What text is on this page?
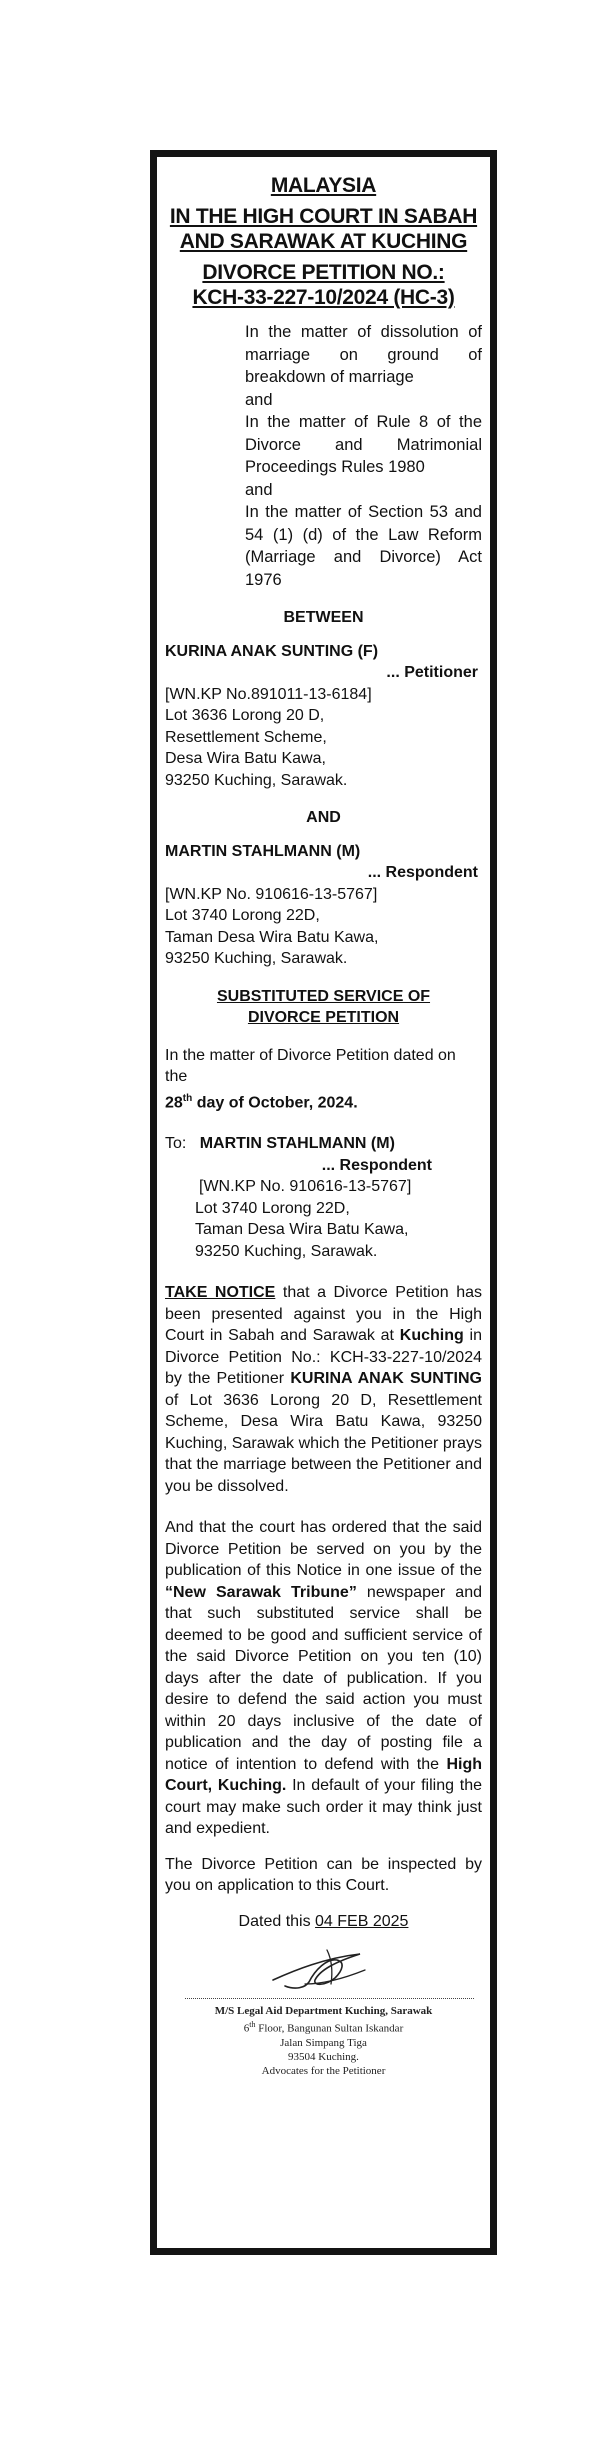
MALAYSIA
IN THE HIGH COURT IN SABAH
AND SARAWAK AT KUCHING
DIVORCE PETITION NO.:
KCH-33-227-10/2024 (HC-3)

In the matter of dissolution of marriage on ground of breakdown of marriage

and

In the matter of Rule 8 of the Divorce and Matrimonial Proceedings Rules 1980

and

In the matter of Section 53 and 54 (1) (d) of the Law Reform (Marriage and Divorce) Act 1976

BETWEEN

KURINA ANAK SUNTING (F)

... Petitioner

[WN.KP No.891011-13-6184]

Lot 3636 Lorong 20 D,

Resettlement Scheme,

Desa Wira Batu Kawa,

93250 Kuching, Sarawak.

AND

MARTIN STAHLMANN (M)

... Respondent

[WN.KP No. 910616-13-5767]

Lot 3740 Lorong 22D,

Taman Desa Wira Batu Kawa,

93250 Kuching, Sarawak.

SUBSTITUTED SERVICE OF

DIVORCE PETITION

In the matter of Divorce Petition dated on the

28th day of October, 2024.

To: MARTIN STAHLMANN (M)

... Respondent

[WN.KP No. 910616-13-5767]

Lot 3740 Lorong 22D,

Taman Desa Wira Batu Kawa,

93250 Kuching, Sarawak.

TAKE NOTICE that a Divorce Petition has been presented against you in the High Court in Sabah and Sarawak at Kuching in Divorce Petition No.: KCH-33-227-10/2024 by the Petitioner KURINA ANAK SUNTING of Lot 3636 Lorong 20 D, Resettlement Scheme, Desa Wira Batu Kawa, 93250 Kuching, Sarawak which the Petitioner prays that the marriage between the Petitioner and you be dissolved.
And that the court has ordered that the said Divorce Petition be served on you by the publication of this Notice in one issue of the “New Sarawak Tribune” newspaper and that such substituted service shall be deemed to be good and sufficient service of the said Divorce Petition on you ten (10) days after the date of publication. If you desire to defend the said action you must within 20 days inclusive of the date of publication and the day of posting file a notice of intention to defend with the High Court, Kuching. In default of your filing the court may make such order it may think just and expedient.
The Divorce Petition can be inspected by you on application to this Court.
Dated this 04 FEB 2025

M/S Legal Aid Department Kuching, Sarawak

6th Floor, Bangunan Sultan Iskandar

Jalan Simpang Tiga

93504 Kuching.

Advocates for the Petitioner
